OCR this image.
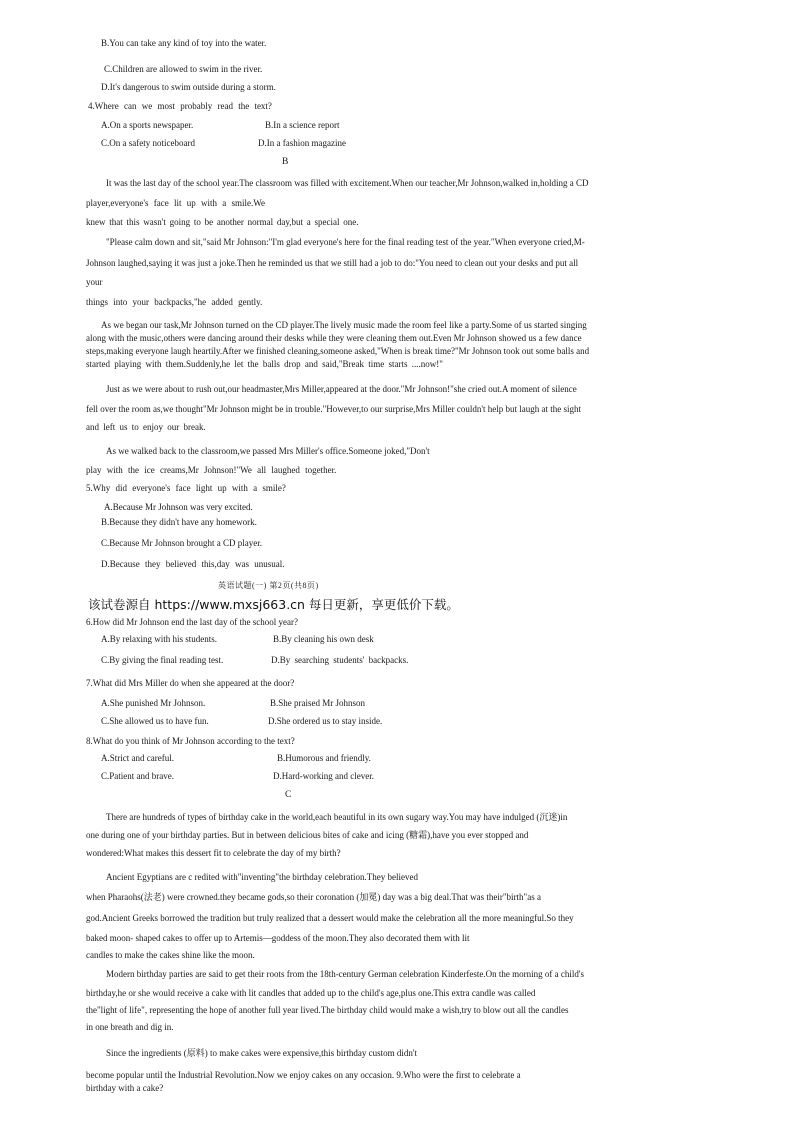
B.You can take any kind of toy into the water.
C.Children are allowed to swim in the river.
D.It's dangerous to swim outside during a storm.
4.Where can we most probably read the text?
A.On a sports newspaper.	B.In a science report
C.On a safety noticeboard	D.In a fashion magazine
B
It was the last day of the school year.The classroom was filled with excitement.When our teacher,Mr Johnson,walked in,holding a CD
player,everyone's face lit up with a smile.We
knew that this wasn't going to be another normal day,but a special one.
"Please calm down and sit,"said Mr Johnson:"I'm glad everyone's here for the final reading test of the year."When everyone cried,M-
Johnson laughed,saying it was just a joke.Then he reminded us that we still had a job to do:"You need to clean out your desks and put all
your
things into your backpacks,"he added gently.
As we began our task,Mr Johnson turned on the CD player.The lively music made the room feel like a party.Some of us started singing
along with the music,others were dancing around their desks while they were cleaning them out.Even Mr Johnson showed us a few dance
steps,making everyone laugh heartily.After we finished cleaning,someone asked,"When is break time?"Mr Johnson took out some balls and
started playing with them.Suddenly,he let the balls drop and said,"Break time starts ....now!"
Just as we were about to rush out,our headmaster,Mrs Miller,appeared at the door."Mr Johnson!"she cried out.A moment of silence
fell over the room as,we thought"Mr Johnson might be in trouble."However,to our surprise,Mrs Miller couldn't help but laugh at the sight
and left us to enjoy our break.
As we walked back to the classroom,we passed Mrs Miller's office.Someone joked,"Don't
play with the ice creams,Mr Johnson!"We all laughed together.
5.Why did everyone's face light up with a smile?
A.Because Mr Johnson was very excited.
B.Because they didn't have any homework.
C.Because Mr Johnson brought a CD player.
D.Because they believed this,day was unusual.
英语试题(一) 第2页(共8页)
该试卷源自 https://www.mxsj663.cn 每日更新，享更低价下载。
6.How did Mr Johnson end the last day of the school year?
A.By relaxing with his students.	B.By cleaning his own desk
C.By giving the final reading test.	D.By searching students' backpacks.
7.What did Mrs Miller do when she appeared at the door?
A.She punished Mr Johnson.	B.She praised Mr Johnson
C.She allowed us to have fun.	D.She ordered us to stay inside.
8.What do you think of Mr Johnson according to the text?
A.Strict and careful.	B.Humorous and friendly.
C.Patient and brave.	D.Hard-working and clever.
C
There are hundreds of types of birthday cake in the world,each beautiful in its own sugary way.You may have indulged (沉迷)in
one during one of your birthday parties. But in between delicious bites of cake and icing (糖霜),have you ever stopped and
wondered:What makes this dessert fit to celebrate the day of my birth?
Ancient Egyptians are c redited with"inventing"the birthday celebration.They believed
when Pharaohs(法老) were crowned.they became gods,so their coronation (加冕) day was a big deal.That was their"birth"as a
god.Ancient Greeks borrowed the tradition but truly realized that a dessert would make the celebration all the more meaningful.So they
baked moon- shaped cakes to offer up to Artemis—goddess of the moon.They also decorated them with lit
candles to make the cakes shine like the moon.
Modern birthday parties are said to get their roots from the 18th-century German celebration Kinderfeste.On the morning of a child's
birthday,he or she would receive a cake with lit candles that added up to the child's age,plus one.This extra candle was called
the"light of life", representing the hope of another full year lived.The birthday child would make a wish,try to blow out all the candles
in one breath and dig in.
Since the ingredients (原料) to make cakes were expensive,this birthday custom didn't
become popular until the Industrial Revolution.Now we enjoy cakes on any occasion. 9.Who were the first to celebrate a
birthday with a cake?
